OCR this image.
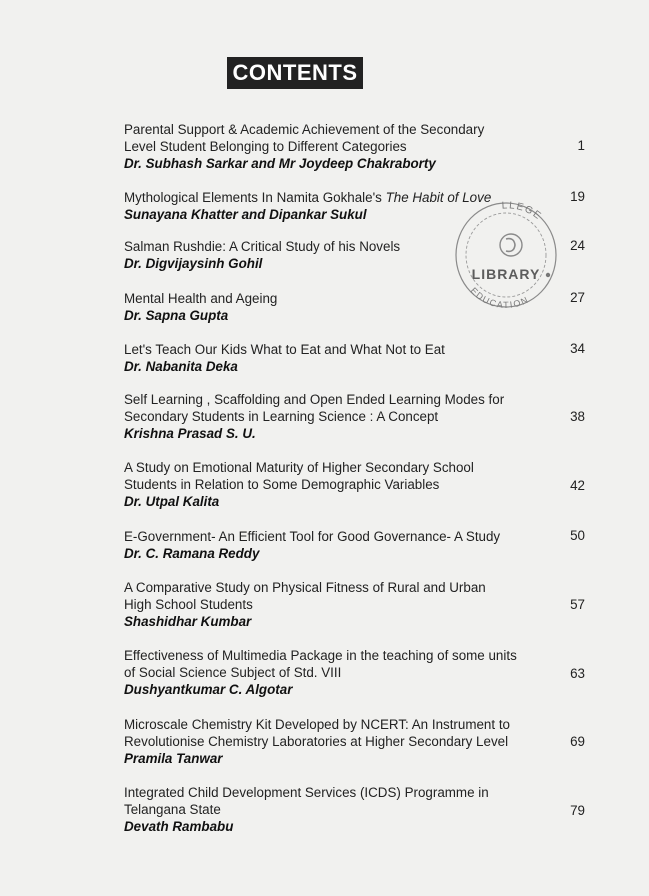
CONTENTS
Parental Support & Academic Achievement of the Secondary
Level Student Belonging to Different Categories
Dr. Subhash Sarkar and Mr Joydeep Chakraborty
1
Mythological Elements In Namita Gokhale's The Habit of Love
Sunayana Khatter and Dipankar Sukul
19
Salman Rushdie: A Critical Study of his Novels
Dr. Digvijaysinh Gohil
24
Mental Health and Ageing
Dr. Sapna Gupta
27
Let's Teach Our Kids What to Eat and What Not to Eat
Dr. Nabanita Deka
34
Self Learning , Scaffolding and Open Ended Learning Modes for
Secondary Students in Learning Science : A Concept
Krishna Prasad S. U.
38
A Study on Emotional Maturity of Higher Secondary School
Students in Relation to Some Demographic Variables
Dr. Utpal Kalita
42
E-Government- An Efficient Tool for Good Governance- A Study
Dr. C. Ramana Reddy
50
A Comparative Study on Physical Fitness of Rural and Urban
High School Students
Shashidhar Kumbar
57
Effectiveness of Multimedia Package in the teaching of some units
of Social Science Subject of Std. VIII
Dushyantkumar C. Algotar
63
Microscale Chemistry Kit Developed by NCERT: An Instrument to
Revolutionise Chemistry Laboratories at Higher Secondary Level
Pramila Tanwar
69
Integrated Child Development Services (ICDS) Programme in
Telangana State
Devath Rambabu
79
LLEGE
EDUCATION
LIBRARY
